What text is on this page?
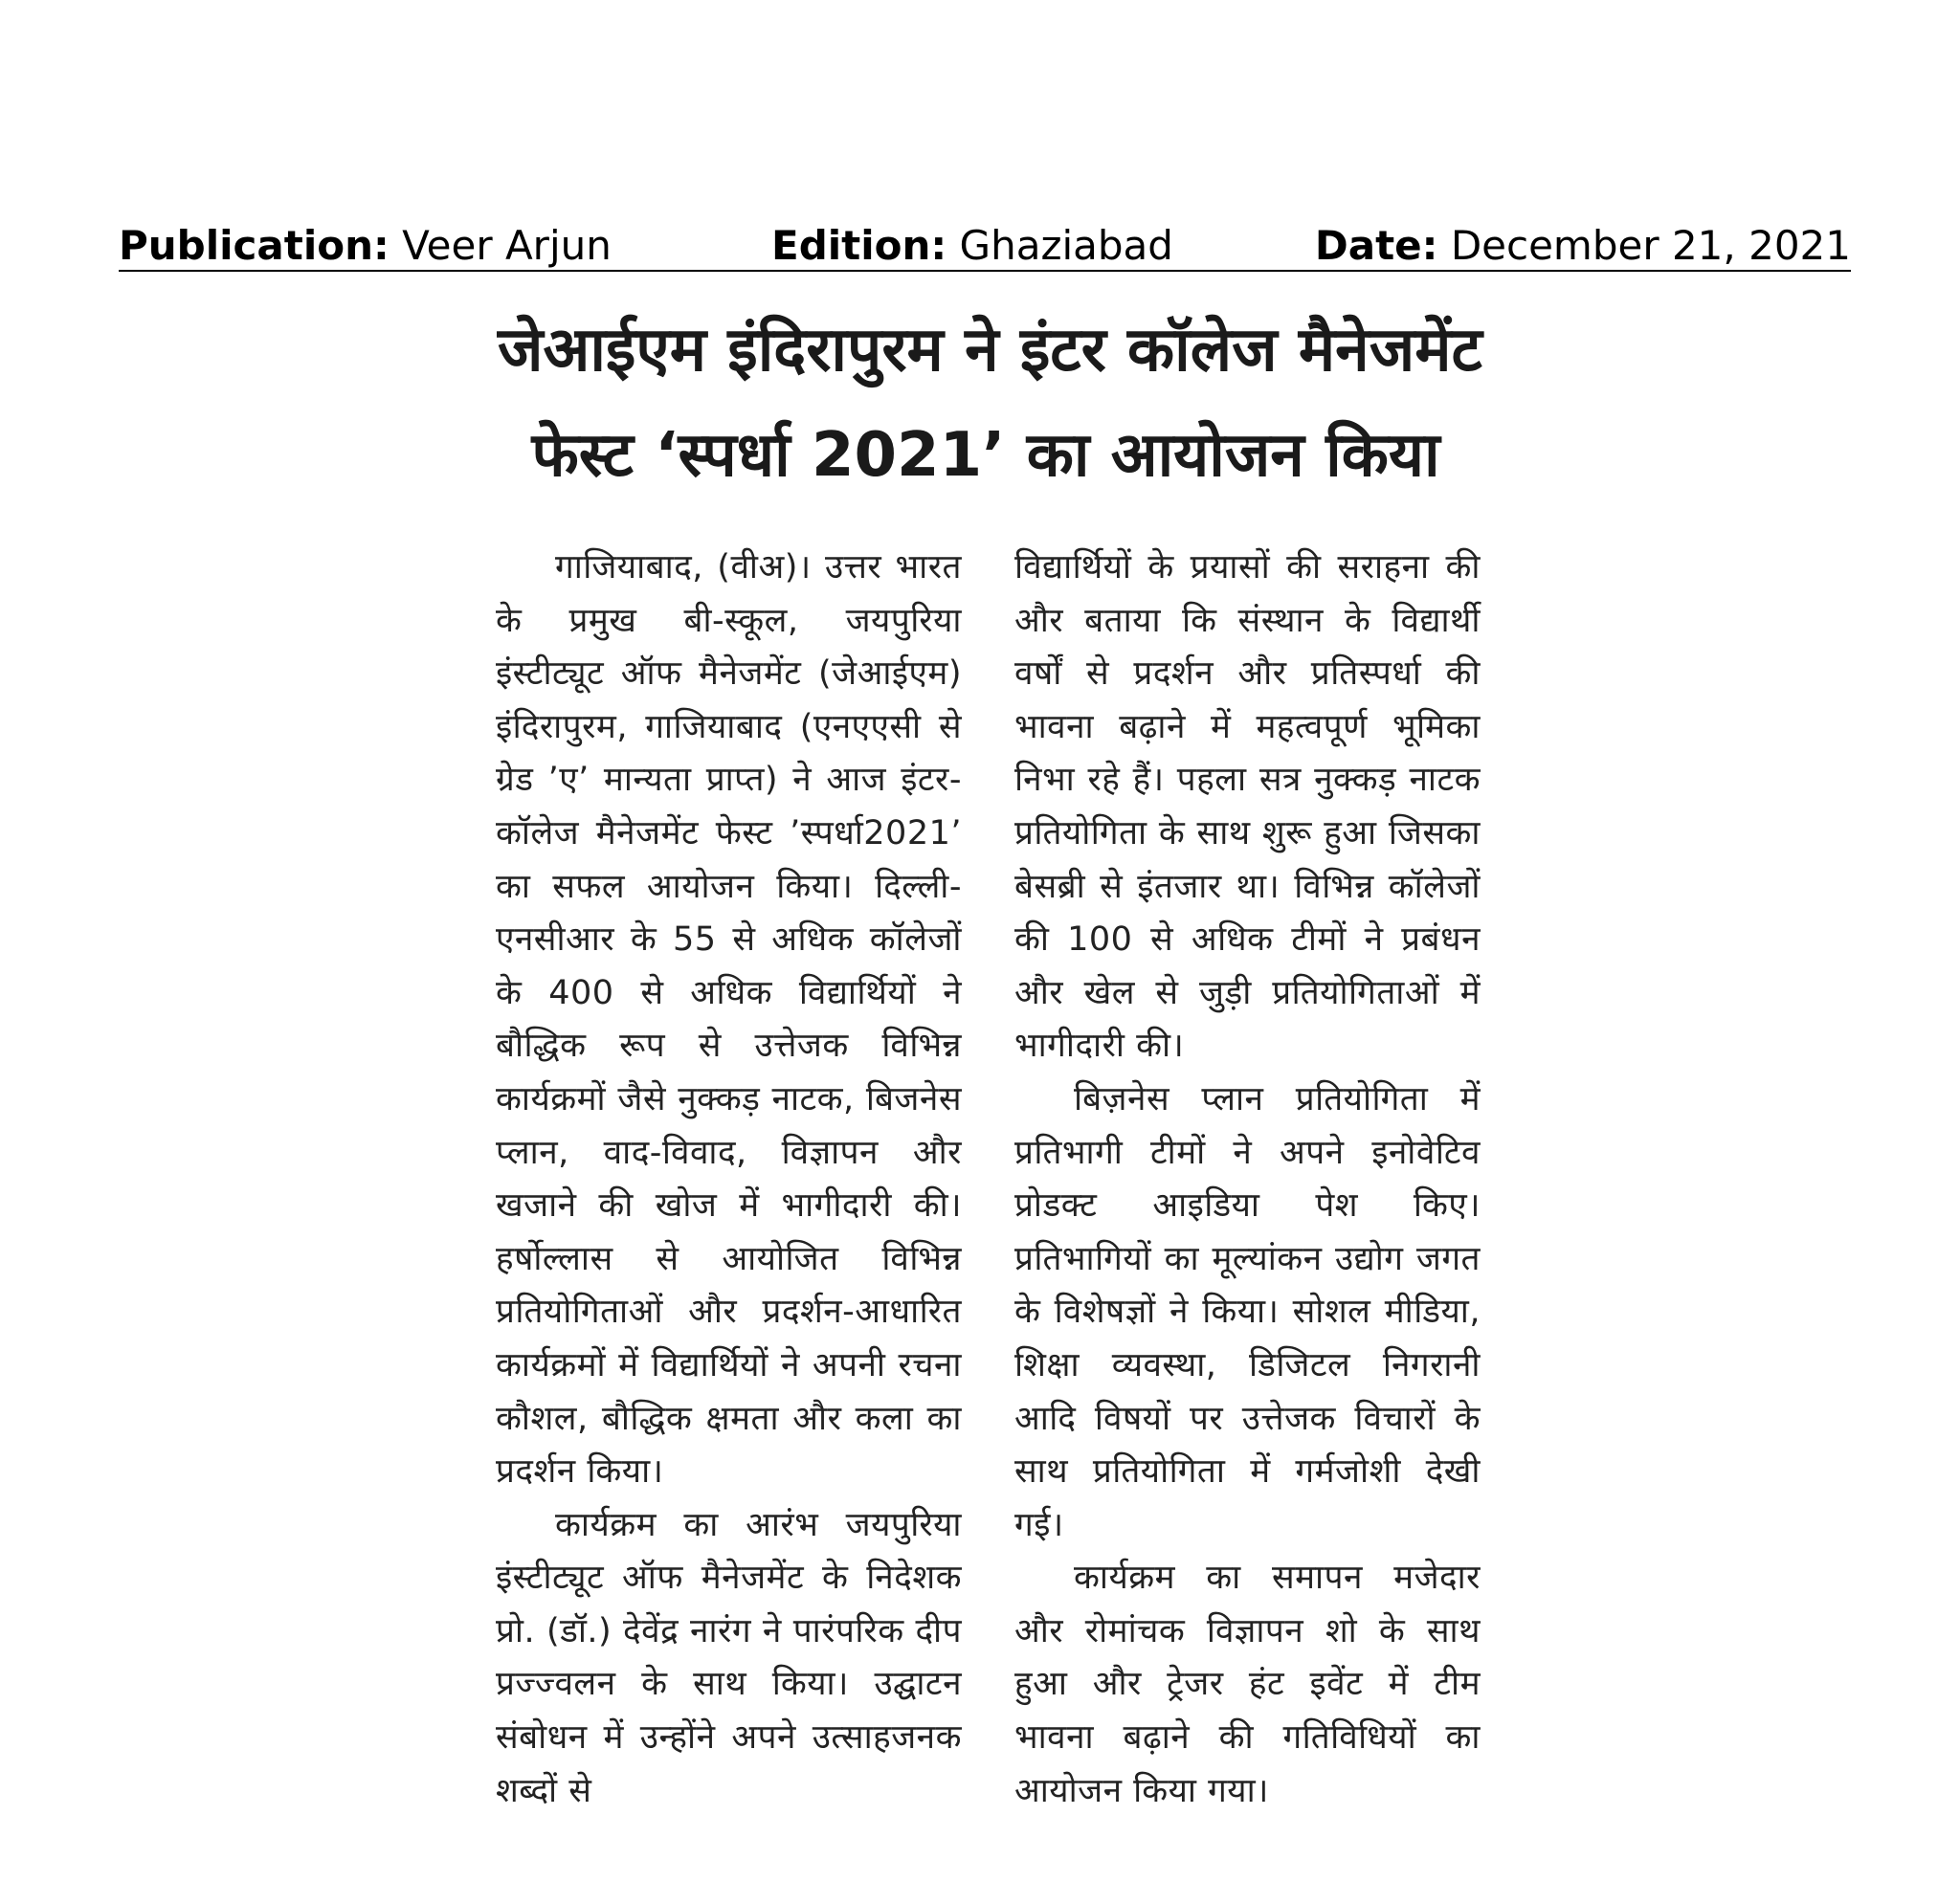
Publication: Veer Arjun	Edition: Ghaziabad	Date: December 21, 2021
जेआईएम इंदिरापुरम ने इंटर कॉलेज मैनेजमेंट
फेस्ट ‘स्पर्धा 2021’ का आयोजन किया

गाजियाबाद, (वीअ)। उत्तर भारत के प्रमुख बी-स्कूल, जयपुरिया इंस्टीट्यूट ऑफ मैनेजमेंट (जेआईएम) इंदिरापुरम, गाजियाबाद (एनएएसी से ग्रेड ’ए’ मान्यता प्राप्त) ने आज इंटर-कॉलेज मैनेजमेंट फेस्ट ’स्पर्धा2021’ का सफल आयोजन किया। दिल्ली-एनसीआर के 55 से अधिक कॉलेजों के 400 से अधिक विद्यार्थियों ने बौद्धिक रूप से उत्तेजक विभिन्न कार्यक्रमों जैसे नुक्कड़ नाटक, बिजनेस प्लान, वाद-विवाद, विज्ञापन और खजाने की खोज में भागीदारी की। हर्षोल्लास से आयोजित विभिन्न प्रतियोगिताओं और प्रदर्शन-आधारित कार्यक्रमों में विद्यार्थियों ने अपनी रचना कौशल, बौद्धिक क्षमता और कला का प्रदर्शन किया।

कार्यक्रम का आरंभ जयपुरिया इंस्टीट्यूट ऑफ मैनेजमेंट के निदेशक प्रो. (डॉ.) देवेंद्र नारंग ने पारंपरिक दीप प्रज्ज्वलन के साथ किया। उद्घाटन संबोधन में उन्होंने अपने उत्साहजनक शब्दों से

विद्यार्थियों के प्रयासों की सराहना की और बताया कि संस्थान के विद्यार्थी वर्षों से प्रदर्शन और प्रतिस्पर्धा की भावना बढ़ाने में महत्वपूर्ण भूमिका निभा रहे हैं। पहला सत्र नुक्कड़ नाटक प्रतियोगिता के साथ शुरू हुआ जिसका बेसब्री से इंतजार था। विभिन्न कॉलेजों की 100 से अधिक टीमों ने प्रबंधन और खेल से जुड़ी प्रतियोगिताओं में भागीदारी की।

बिज़नेस प्लान प्रतियोगिता में प्रतिभागी टीमों ने अपने इनोवेटिव प्रोडक्ट आइडिया पेश किए। प्रतिभागियों का मूल्यांकन उद्योग जगत के विशेषज्ञों ने किया। सोशल मीडिया, शिक्षा व्यवस्था, डिजिटल निगरानी आदि विषयों पर उत्तेजक विचारों के साथ प्रतियोगिता में गर्मजोशी देखी गई।

कार्यक्रम का समापन मजेदार और रोमांचक विज्ञापन शो के साथ हुआ और ट्रेजर हंट इवेंट में टीम भावना बढ़ाने की गतिविधियों का आयोजन किया गया।
